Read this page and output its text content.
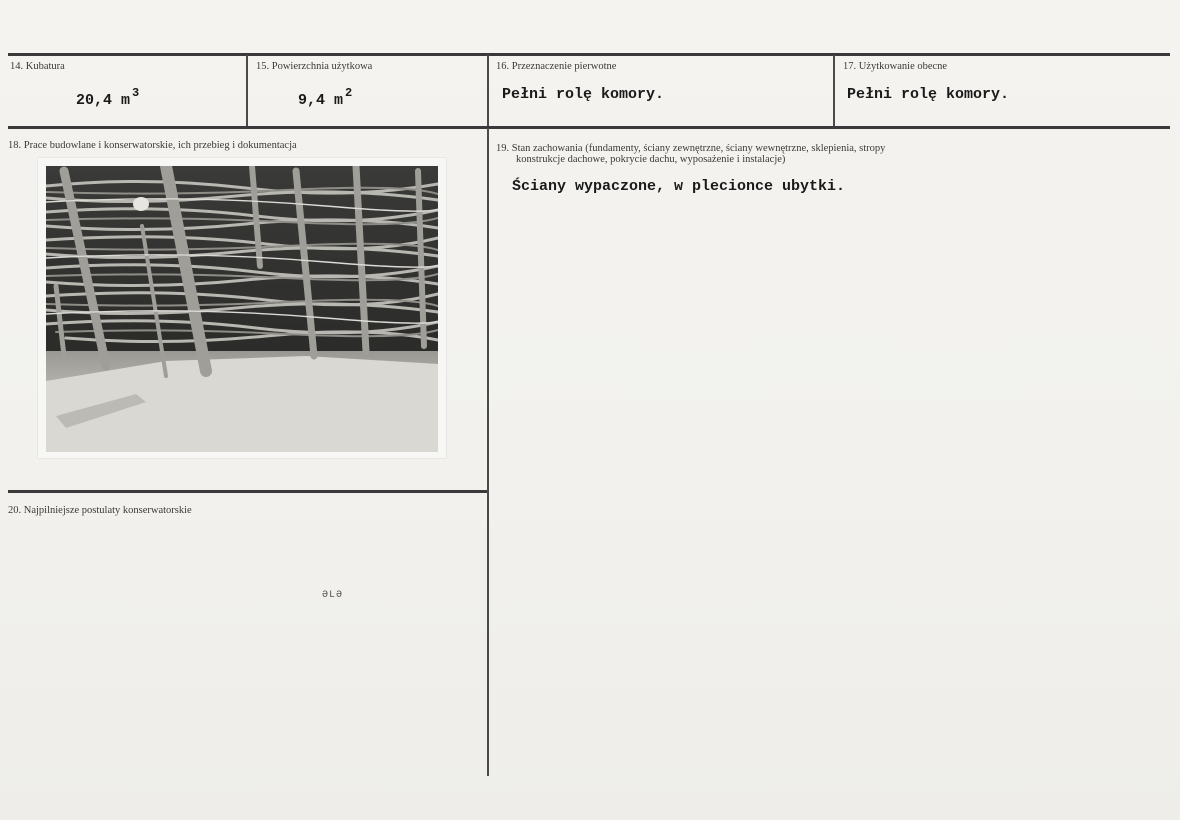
14. Kubatura
20,4 m $^3$
15. Powierzchnia użytkowa
9,4 m $^2$
16. Przeznaczenie pierwotne
Pełni rolę komory.
17. Użytkowanie obecne
Pełni rolę komory.
18. Prace budowlane i konserwatorskie, ich przebieg i dokumentacja	19. Stan zachowania (fundamenty, ściany zewnętrzne, ściany wewnętrzne, sklepienia, stropy
konstrukcje dachowe, pokrycie dachu, wyposażenie i instalacje)
Ściany wypaczone, w plecionce ubytki.
20. Najpilniejsze postulaty konserwatorskie
ƏLƏ
